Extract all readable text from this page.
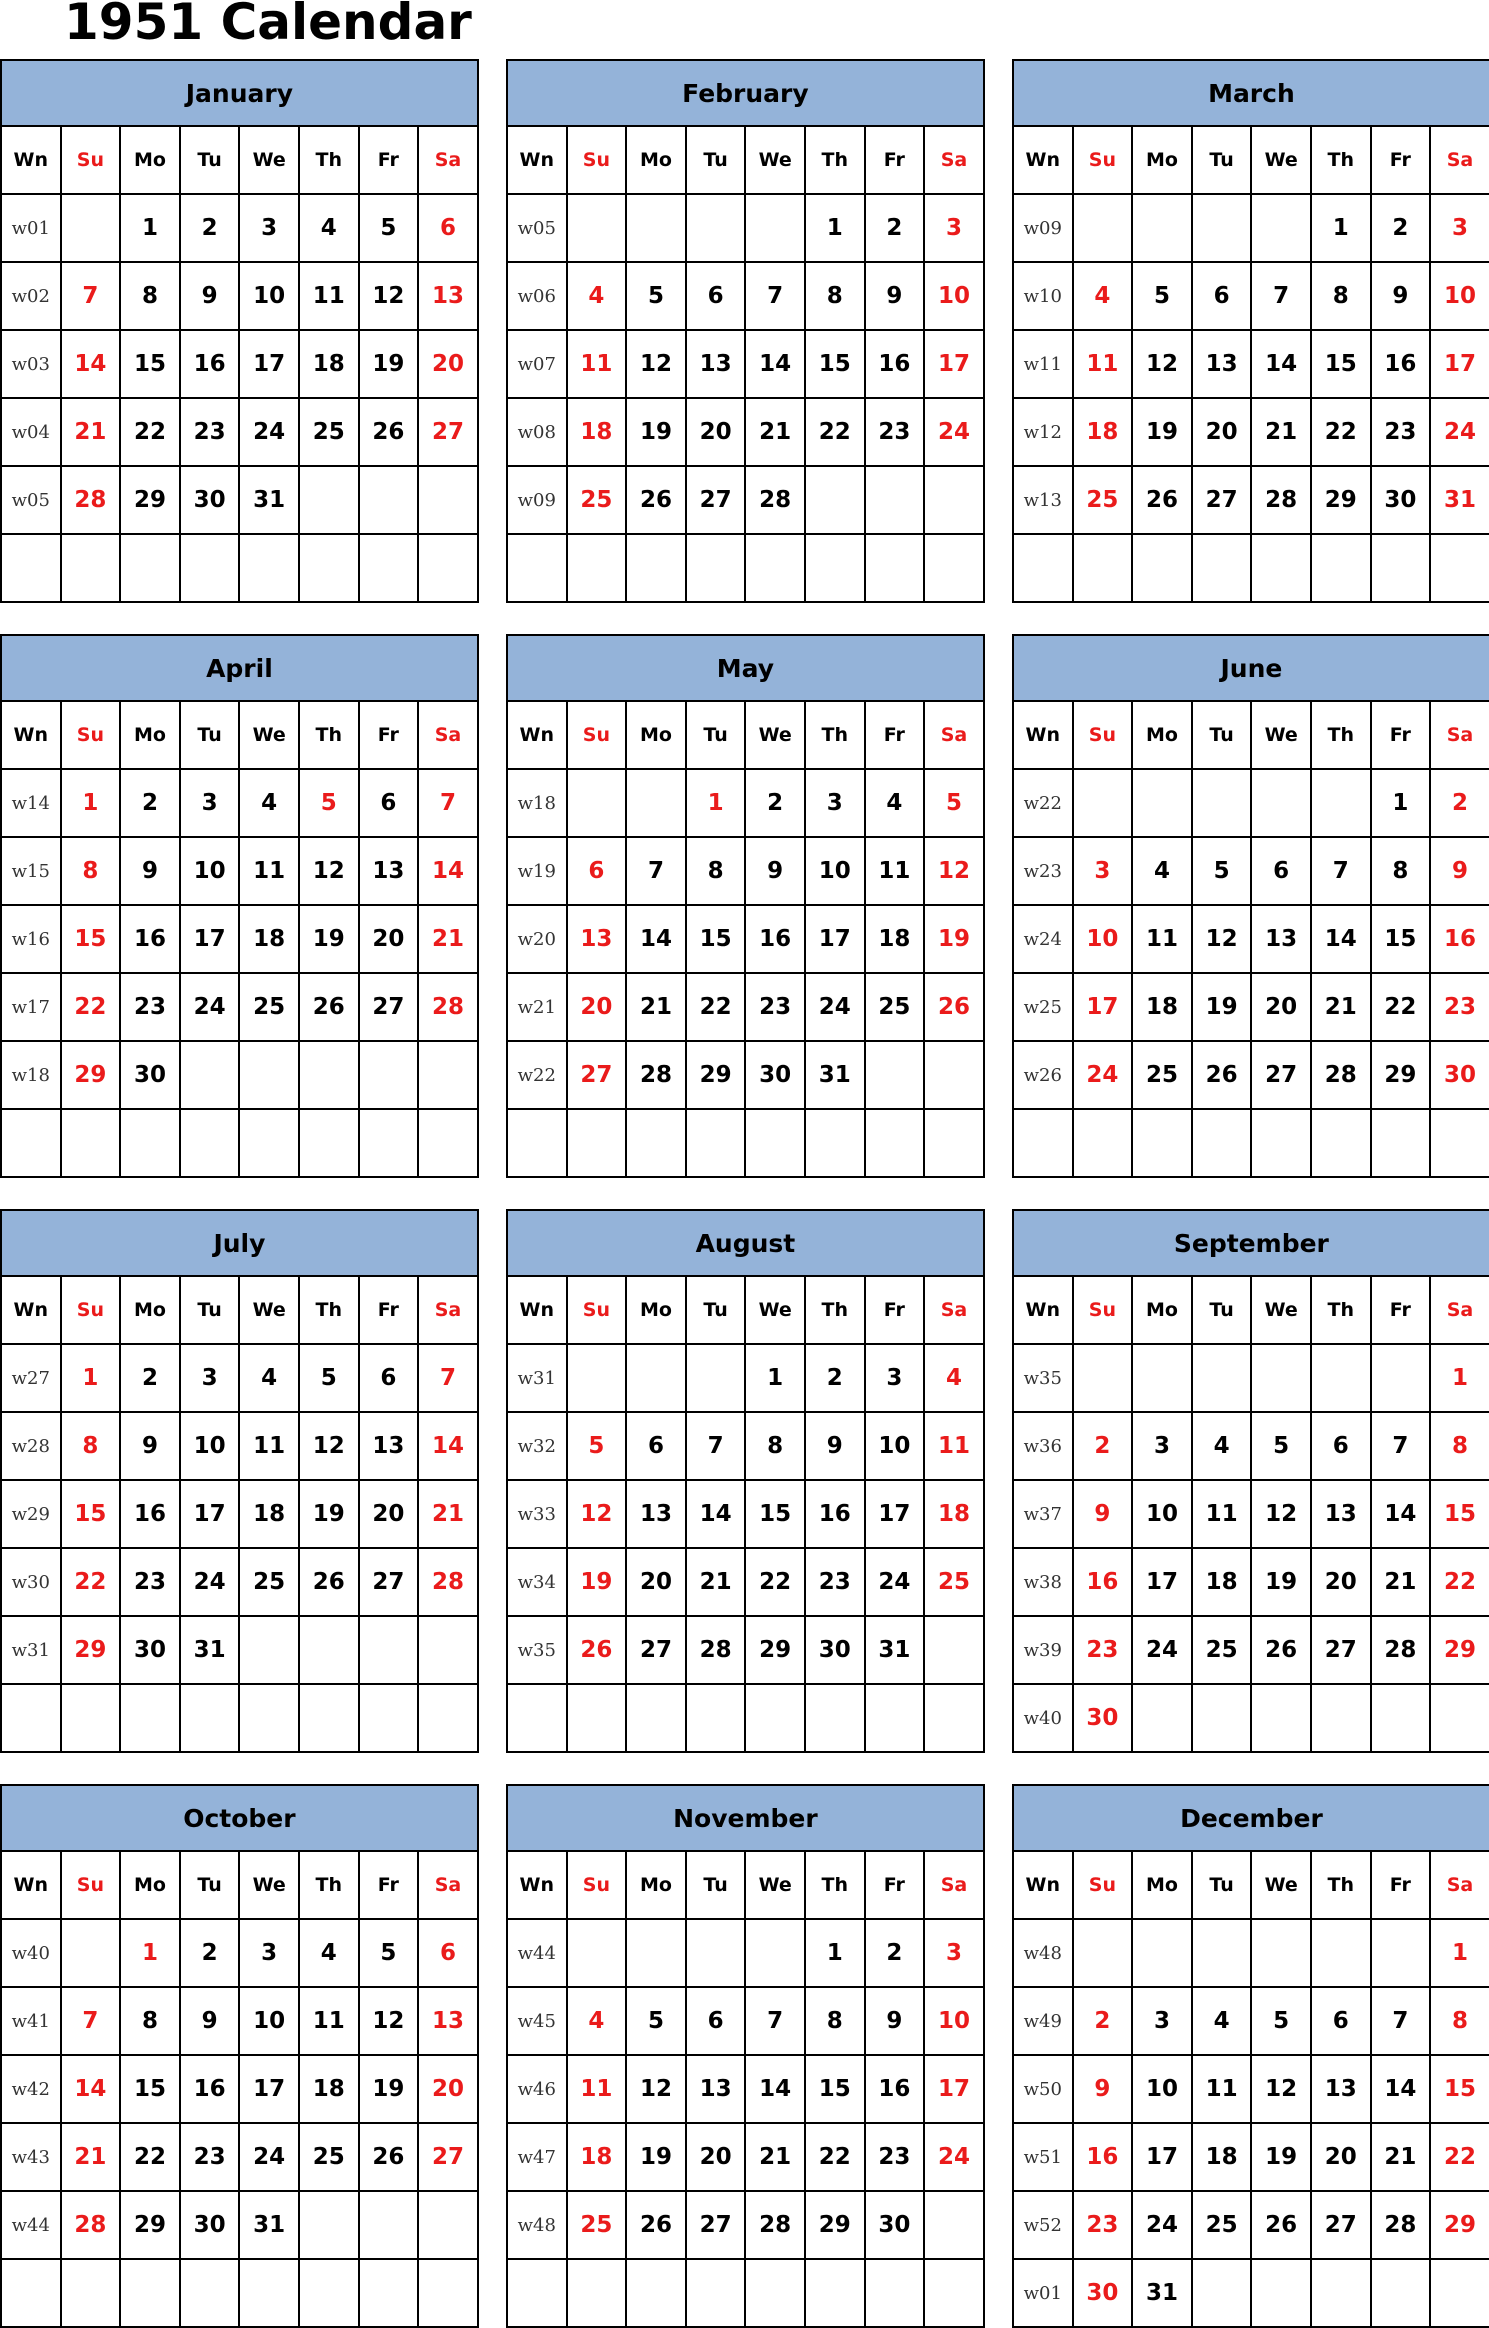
1951 Calendar
January							
Wn	Su	Mo	Tu	We	Th	Fr	Sa
w01		1	2	3	4	5	6
w02	7	8	9	10	11	12	13
w03	14	15	16	17	18	19	20
w04	21	22	23	24	25	26	27
w05	28	29	30	31			

February							
Wn	Su	Mo	Tu	We	Th	Fr	Sa
w05					1	2	3
w06	4	5	6	7	8	9	10
w07	11	12	13	14	15	16	17
w08	18	19	20	21	22	23	24
w09	25	26	27	28			

March							
Wn	Su	Mo	Tu	We	Th	Fr	Sa
w09					1	2	3
w10	4	5	6	7	8	9	10
w11	11	12	13	14	15	16	17
w12	18	19	20	21	22	23	24
w13	25	26	27	28	29	30	31

April							
Wn	Su	Mo	Tu	We	Th	Fr	Sa
w14	1	2	3	4	5	6	7
w15	8	9	10	11	12	13	14
w16	15	16	17	18	19	20	21
w17	22	23	24	25	26	27	28
w18	29	30					

May							
Wn	Su	Mo	Tu	We	Th	Fr	Sa
w18			1	2	3	4	5
w19	6	7	8	9	10	11	12
w20	13	14	15	16	17	18	19
w21	20	21	22	23	24	25	26
w22	27	28	29	30	31		

June							
Wn	Su	Mo	Tu	We	Th	Fr	Sa
w22						1	2
w23	3	4	5	6	7	8	9
w24	10	11	12	13	14	15	16
w25	17	18	19	20	21	22	23
w26	24	25	26	27	28	29	30

July							
Wn	Su	Mo	Tu	We	Th	Fr	Sa
w27	1	2	3	4	5	6	7
w28	8	9	10	11	12	13	14
w29	15	16	17	18	19	20	21
w30	22	23	24	25	26	27	28
w31	29	30	31				

August							
Wn	Su	Mo	Tu	We	Th	Fr	Sa
w31				1	2	3	4
w32	5	6	7	8	9	10	11
w33	12	13	14	15	16	17	18
w34	19	20	21	22	23	24	25
w35	26	27	28	29	30	31	

September							
Wn	Su	Mo	Tu	We	Th	Fr	Sa
w35							1
w36	2	3	4	5	6	7	8
w37	9	10	11	12	13	14	15
w38	16	17	18	19	20	21	22
w39	23	24	25	26	27	28	29
w40	30						
October							
Wn	Su	Mo	Tu	We	Th	Fr	Sa
w40		1	2	3	4	5	6
w41	7	8	9	10	11	12	13
w42	14	15	16	17	18	19	20
w43	21	22	23	24	25	26	27
w44	28	29	30	31			

November							
Wn	Su	Mo	Tu	We	Th	Fr	Sa
w44					1	2	3
w45	4	5	6	7	8	9	10
w46	11	12	13	14	15	16	17
w47	18	19	20	21	22	23	24
w48	25	26	27	28	29	30	

December							
Wn	Su	Mo	Tu	We	Th	Fr	Sa
w48							1
w49	2	3	4	5	6	7	8
w50	9	10	11	12	13	14	15
w51	16	17	18	19	20	21	22
w52	23	24	25	26	27	28	29
w01	30	31					
